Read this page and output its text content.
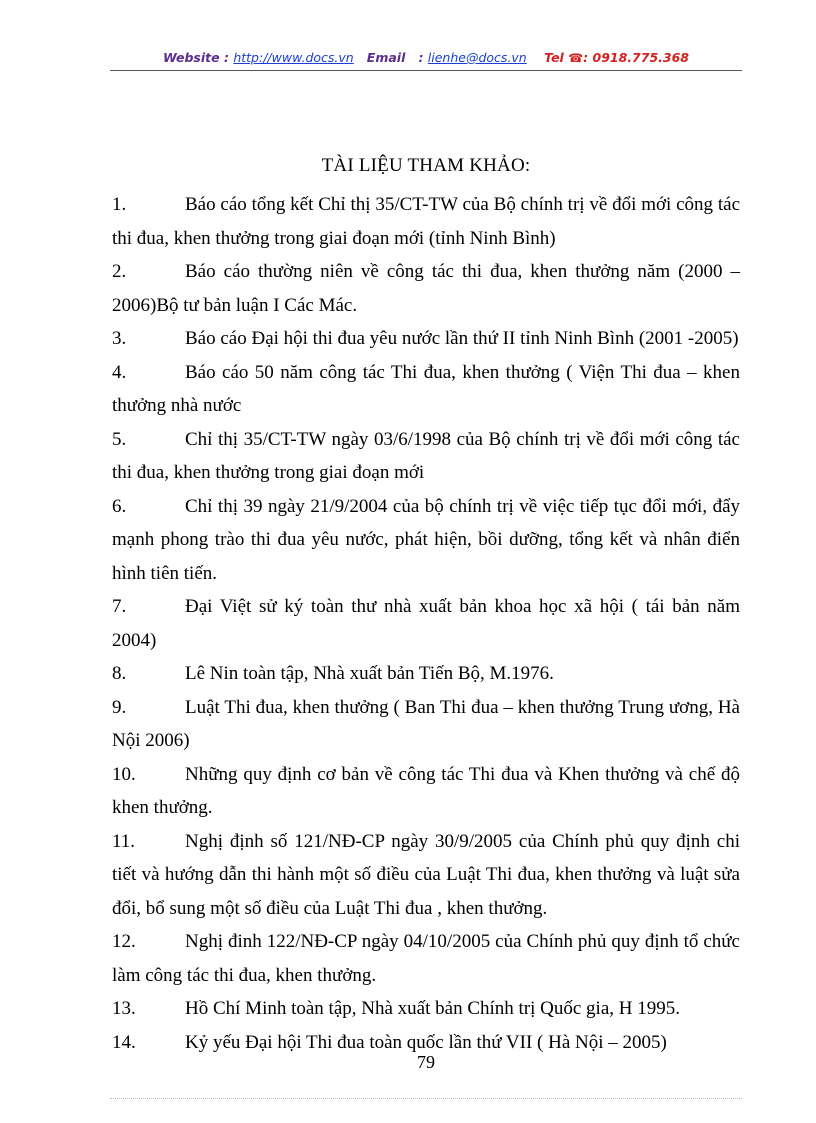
Website : http://www.docs.vn Email : lienhe@docs.vn Tel ☎: 0918.775.368
TÀI LIỆU THAM KHẢO:

1.	Báo cáo tổng kết Chỉ thị 35/CT-TW của Bộ chính trị về đổi mới công tác thi đua, khen thưởng trong giai đoạn mới (tỉnh Ninh Bình)

2.	Báo cáo thường niên về công tác thi đua, khen thưởng năm (2000 – 2006)Bộ tư bản luận I Các Mác.

3.	Báo cáo Đại hội thi đua yêu nước lần thứ II tỉnh Ninh Bình (2001 -2005)

4.	Báo cáo 50 năm công tác Thi đua, khen thưởng ( Viện Thi đua – khen thưởng nhà nước

5.	Chỉ thị 35/CT-TW ngày 03/6/1998 của Bộ chính trị về đổi mới công tác thi đua, khen thưởng trong giai đoạn mới

6.	Chỉ thị 39 ngày 21/9/2004 của bộ chính trị về việc tiếp tục đổi mới, đẩy mạnh phong trào thi đua yêu nước, phát hiện, bồi dưỡng, tổng kết và nhân điển hình tiên tiến.

7.	Đại Việt sử ký toàn thư nhà xuất bản khoa học xã hội ( tái bản năm 2004)

8.	Lê Nin toàn tập, Nhà xuất bản Tiến Bộ, M.1976.

9.	Luật Thi đua, khen thưởng ( Ban Thi đua – khen thưởng Trung ương, Hà Nội 2006)

10.	Những quy định cơ bản về công tác Thi đua và Khen thưởng và chế độ khen thưởng.

11.	Nghị định số 121/NĐ-CP ngày 30/9/2005 của Chính phủ quy định chi tiết và hướng dẫn thi hành một số điều của Luật Thi đua, khen thưởng và luật sửa đổi, bổ sung một số điều của Luật Thi đua , khen thưởng.

12.	Nghị đinh 122/NĐ-CP ngày 04/10/2005 của Chính phủ quy định tổ chức làm công tác thi đua, khen thưởng.

13.	Hồ Chí Minh toàn tập, Nhà xuất bản Chính trị Quốc gia, H 1995.

14.	Kỷ yếu Đại hội Thi đua toàn quốc lần thứ VII ( Hà Nội – 2005)

79
